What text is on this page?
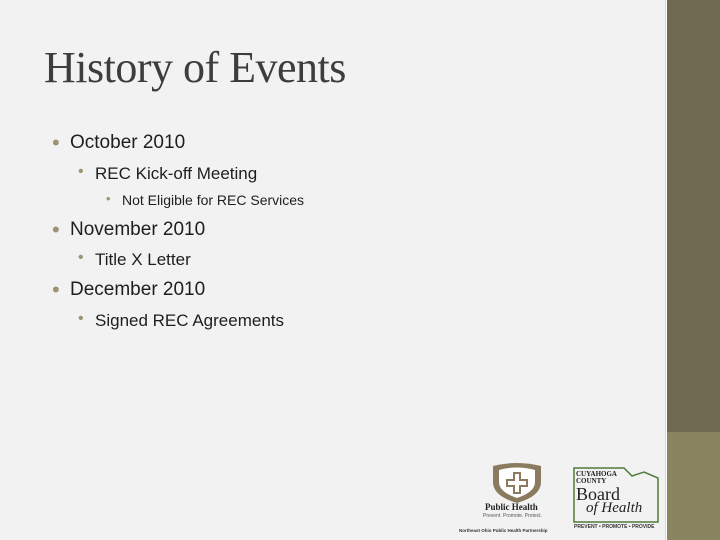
History of Events
• October 2010
• REC Kick-off Meeting
• Not Eligible for REC Services
• November 2010
• Title X Letter
• December 2010
• Signed REC Agreements
Public Health
Prevent. Promote. Protect.
Northeast Ohio Public Health Partnership
CUYAHOGA
COUNTY
Board
of Health
PREVENT • PROMOTE • PROVIDE
